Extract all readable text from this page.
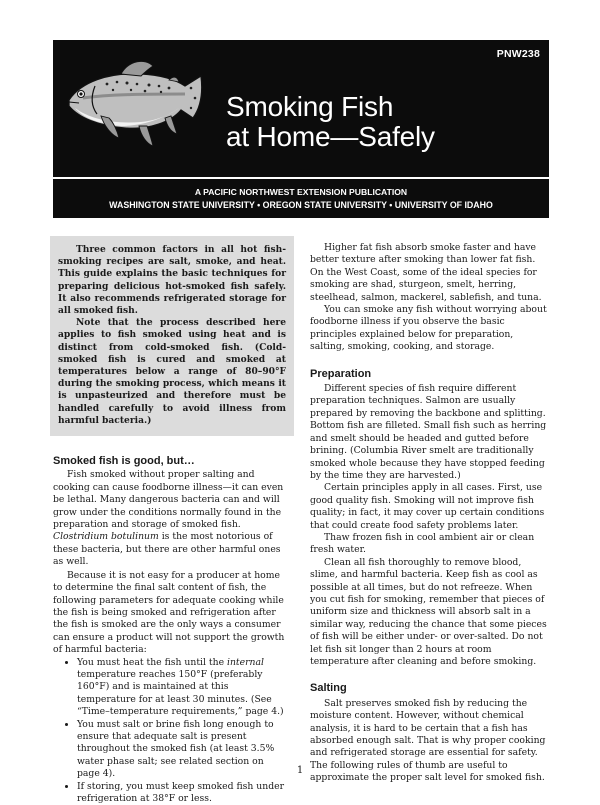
PNW238
Smoking Fish
at Home—Safely
A PACIFIC NORTHWEST EXTENSION PUBLICATION
WASHINGTON STATE UNIVERSITY • OREGON STATE UNIVERSITY • UNIVERSITY OF IDAHO

Three common factors in all hot fish-smoking recipes are salt, smoke, and heat. This guide explains the basic techniques for preparing delicious hot-smoked fish safely. It also recommends refrigerated storage for all smoked fish.

Note that the process described here applies to fish smoked using heat and is distinct from cold-smoked fish. (Cold-smoked fish is cured and smoked at temperatures below a range of 80–90°F during the smoking process, which means it is unpasteurized and therefore must be handled carefully to avoid illness from harmful bacteria.)

Smoked fish is good, but…

Fish smoked without proper salting and cooking can cause foodborne illness—it can even be lethal. Many dangerous bacteria can and will grow under the conditions normally found in the preparation and storage of smoked fish. Clostridium botulinum is the most notorious of these bacteria, but there are other harmful ones as well.

Because it is not easy for a producer at home to determine the final salt content of fish, the following parameters for adequate cooking while the fish is being smoked and refrigeration after the fish is smoked are the only ways a consumer can ensure a product will not support the growth of harmful bacteria:

• You must heat the fish until the internal temperature reaches 150°F (preferably 160°F) and is maintained at this temperature for at least 30 minutes. (See “Time–temperature requirements,” page 4.)
• You must salt or brine fish long enough to ensure that adequate salt is present throughout the smoked fish (at least 3.5% water phase salt; see related section on page 4).
• If storing, you must keep smoked fish under refrigeration at 38°F or less.

Higher fat fish absorb smoke faster and have better texture after smoking than lower fat fish. On the West Coast, some of the ideal species for smoking are shad, sturgeon, smelt, herring, steelhead, salmon, mackerel, sablefish, and tuna.

You can smoke any fish without worrying about foodborne illness if you observe the basic principles explained below for preparation, salting, smoking, cooking, and storage.

Preparation

Different species of fish require different preparation techniques. Salmon are usually prepared by removing the backbone and splitting. Bottom fish are filleted. Small fish such as herring and smelt should be headed and gutted before brining. (Columbia River smelt are traditionally smoked whole because they have stopped feeding by the time they are harvested.)

Certain principles apply in all cases. First, use good quality fish. Smoking will not improve fish quality; in fact, it may cover up certain conditions that could create food safety problems later.

Thaw frozen fish in cool ambient air or clean fresh water.

Clean all fish thoroughly to remove blood, slime, and harmful bacteria. Keep fish as cool as possible at all times, but do not refreeze. When you cut fish for smoking, remember that pieces of uniform size and thickness will absorb salt in a similar way, reducing the chance that some pieces of fish will be either under- or over-salted. Do not let fish sit longer than 2 hours at room temperature after cleaning and before smoking.

Salting

Salt preserves smoked fish by reducing the moisture content. However, without chemical analysis, it is hard to be certain that a fish has absorbed enough salt. That is why proper cooking and refrigerated storage are essential for safety. The following rules of thumb are useful to approximate the proper salt level for smoked fish.

1
